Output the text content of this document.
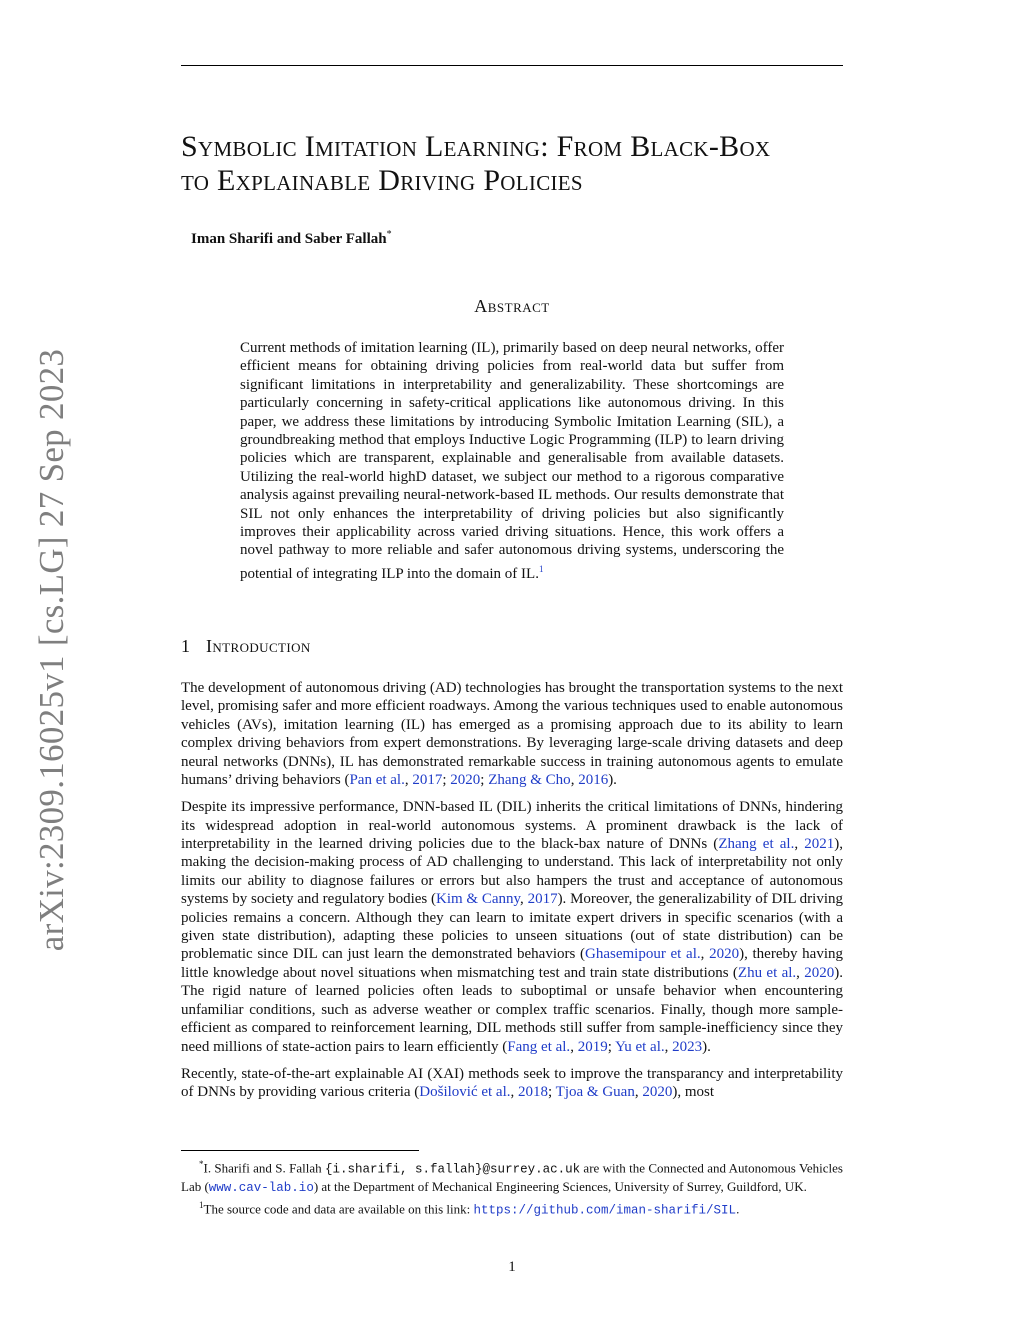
arXiv:2309.16025v1 [cs.LG] 27 Sep 2023
Symbolic Imitation Learning: From Black-Box
to Explainable Driving Policies

Iman Sharifi and Saber Fallah*

Abstract

Current methods of imitation learning (IL), primarily based on deep neural networks, offer efficient means for obtaining driving policies from real-world data but suffer from significant limitations in interpretability and generalizability. These shortcomings are particularly concerning in safety-critical applications like autonomous driving. In this paper, we address these limitations by introducing Symbolic Imitation Learning (SIL), a groundbreaking method that employs Inductive Logic Programming (ILP) to learn driving policies which are transparent, explainable and generalisable from available datasets. Utilizing the real-world highD dataset, we subject our method to a rigorous comparative analysis against prevailing neural-network-based IL methods. Our results demonstrate that SIL not only enhances the interpretability of driving policies but also significantly improves their applicability across varied driving situations. Hence, this work offers a novel pathway to more reliable and safer autonomous driving systems, underscoring the potential of integrating ILP into the domain of IL.$^1$

1 Introduction

The development of autonomous driving (AD) technologies has brought the transportation systems to the next level, promising safer and more efficient roadways. Among the various techniques used to enable autonomous vehicles (AVs), imitation learning (IL) has emerged as a promising approach due to its ability to learn complex driving behaviors from expert demonstrations. By leveraging large-scale driving datasets and deep neural networks (DNNs), IL has demonstrated remarkable success in training autonomous agents to emulate humans’ driving behaviors (Pan et al., 2017; 2020; Zhang & Cho, 2016).

Despite its impressive performance, DNN-based IL (DIL) inherits the critical limitations of DNNs, hindering its widespread adoption in real-world autonomous systems. A prominent drawback is the lack of interpretability in the learned driving policies due to the black-bax nature of DNNs (Zhang et al., 2021), making the decision-making process of AD challenging to understand. This lack of interpretability not only limits our ability to diagnose failures or errors but also hampers the trust and acceptance of autonomous systems by society and regulatory bodies (Kim & Canny, 2017). Moreover, the generalizability of DIL driving policies remains a concern. Although they can learn to imitate expert drivers in specific scenarios (with a given state distribution), adapting these policies to unseen situations (out of state distribution) can be problematic since DIL can just learn the demonstrated behaviors (Ghasemipour et al., 2020), thereby having little knowledge about novel situations when mismatching test and train state distributions (Zhu et al., 2020). The rigid nature of learned policies often leads to suboptimal or unsafe behavior when encountering unfamiliar conditions, such as adverse weather or complex traffic scenarios. Finally, though more sample-efficient as compared to reinforcement learning, DIL methods still suffer from sample-inefficiency since they need millions of state-action pairs to learn efficiently (Fang et al., 2019; Yu et al., 2023).

Recently, state-of-the-art explainable AI (XAI) methods seek to improve the transparancy and interpretability of DNNs by providing various criteria (Došilović et al., 2018; Tjoa & Guan, 2020), most

*I. Sharifi and S. Fallah {i.sharifi, s.fallah}@surrey.ac.uk are with the Connected and Autonomous Vehicles Lab (www.cav-lab.io) at the Department of Mechanical Engineering Sciences, University of Surrey, Guildford, UK.

$^1$The source code and data are available on this link: https://github.com/iman-sharifi/SIL.

1
